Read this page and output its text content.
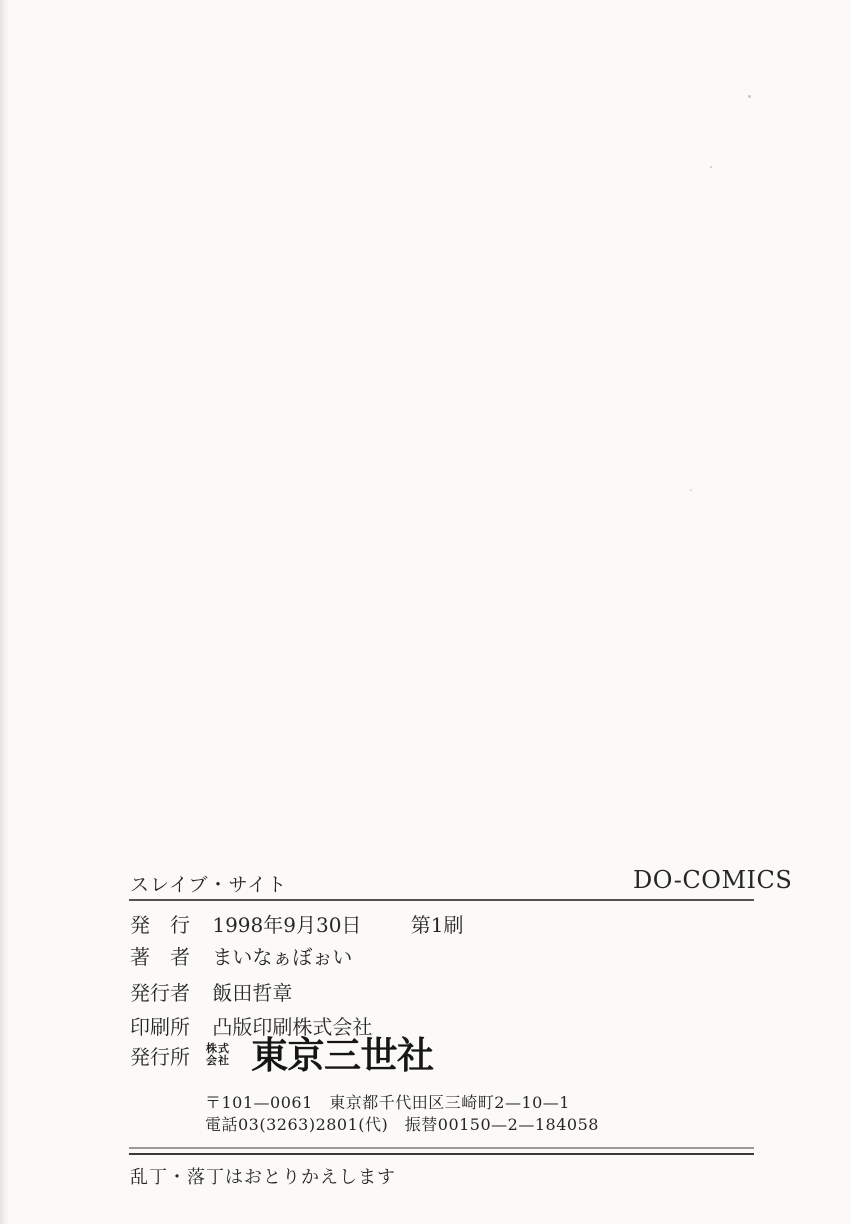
スレイブ・サイト	DO-COMICS
発　行 1998年9月30日 第1刷
著　者 まいなぁぼぉい
発行者 飯田哲章
印刷所 凸版印刷株式会社
発行所 株式
会社 東京三世社
〒101—0061　東京都千代田区三崎町2—10—1
電話03(3263)2801(代)　振替00150—2—184058
乱丁・落丁はおとりかえします
